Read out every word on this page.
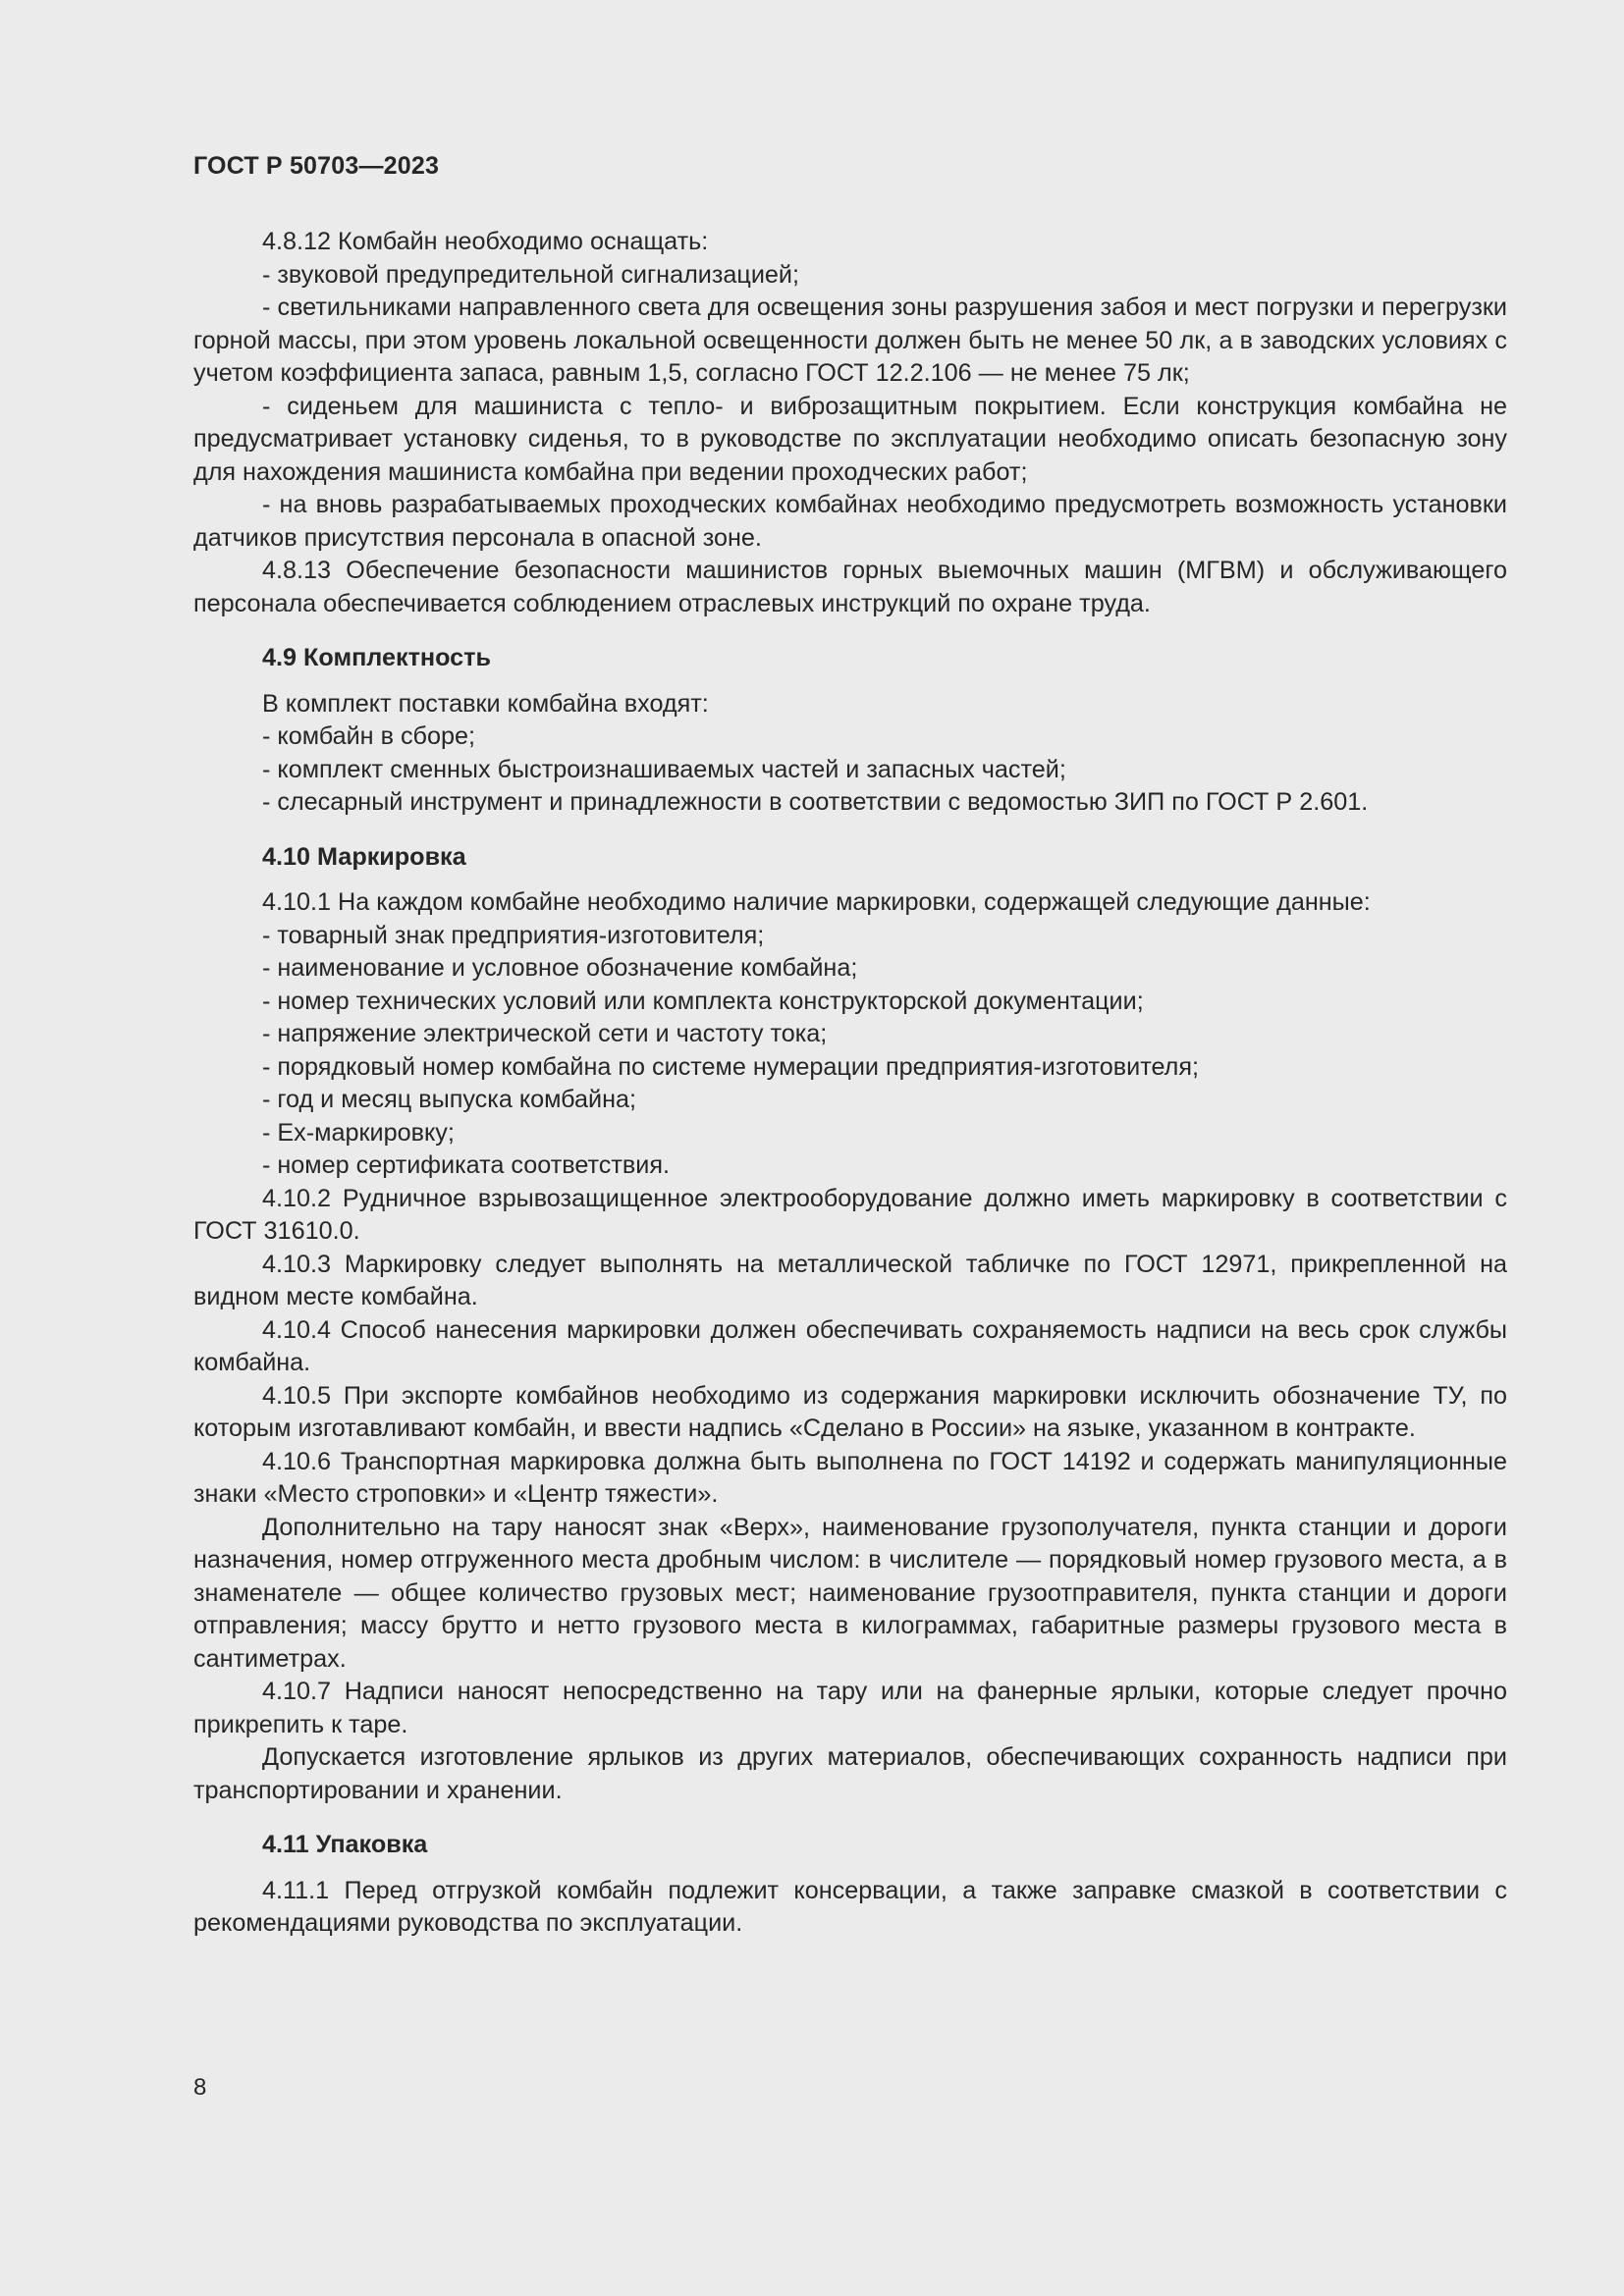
ГОСТ Р 50703—2023

4.8.12 Комбайн необходимо оснащать:

- звуковой предупредительной сигнализацией;

- светильниками направленного света для освещения зоны разрушения забоя и мест погрузки и перегрузки горной массы, при этом уровень локальной освещенности должен быть не менее 50 лк, а в заводских условиях с учетом коэффициента запаса, равным 1,5, согласно ГОСТ 12.2.106 — не менее 75 лк;

- сиденьем для машиниста с тепло- и виброзащитным покрытием. Если конструкция комбайна не предусматривает установку сиденья, то в руководстве по эксплуатации необходимо описать безопасную зону для нахождения машиниста комбайна при ведении проходческих работ;

- на вновь разрабатываемых проходческих комбайнах необходимо предусмотреть возможность установки датчиков присутствия персонала в опасной зоне.

4.8.13 Обеспечение безопасности машинистов горных выемочных машин (МГВМ) и обслуживающего персонала обеспечивается соблюдением отраслевых инструкций по охране труда.

4.9 Комплектность

В комплект поставки комбайна входят:

- комбайн в сборе;

- комплект сменных быстроизнашиваемых частей и запасных частей;

- слесарный инструмент и принадлежности в соответствии с ведомостью ЗИП по ГОСТ Р 2.601.

4.10 Маркировка

4.10.1 На каждом комбайне необходимо наличие маркировки, содержащей следующие данные:

- товарный знак предприятия-изготовителя;

- наименование и условное обозначение комбайна;

- номер технических условий или комплекта конструкторской документации;

- напряжение электрической сети и частоту тока;

- порядковый номер комбайна по системе нумерации предприятия-изготовителя;

- год и месяц выпуска комбайна;

- Ех-маркировку;

- номер сертификата соответствия.

4.10.2 Рудничное взрывозащищенное электрооборудование должно иметь маркировку в соответствии с ГОСТ 31610.0.

4.10.3 Маркировку следует выполнять на металлической табличке по ГОСТ 12971, прикрепленной на видном месте комбайна.

4.10.4 Способ нанесения маркировки должен обеспечивать сохраняемость надписи на весь срок службы комбайна.

4.10.5 При экспорте комбайнов необходимо из содержания маркировки исключить обозначение ТУ, по которым изготавливают комбайн, и ввести надпись «Сделано в России» на языке, указанном в контракте.

4.10.6 Транспортная маркировка должна быть выполнена по ГОСТ 14192 и содержать манипуляционные знаки «Место строповки» и «Центр тяжести».

Дополнительно на тару наносят знак «Верх», наименование грузополучателя, пункта станции и дороги назначения, номер отгруженного места дробным числом: в числителе — порядковый номер грузового места, а в знаменателе — общее количество грузовых мест; наименование грузоотправителя, пункта станции и дороги отправления; массу брутто и нетто грузового места в килограммах, габаритные размеры грузового места в сантиметрах.

4.10.7 Надписи наносят непосредственно на тару или на фанерные ярлыки, которые следует прочно прикрепить к таре.

Допускается изготовление ярлыков из других материалов, обеспечивающих сохранность надписи при транспортировании и хранении.

4.11 Упаковка

4.11.1 Перед отгрузкой комбайн подлежит консервации, а также заправке смазкой в соответствии с рекомендациями руководства по эксплуатации.

8
